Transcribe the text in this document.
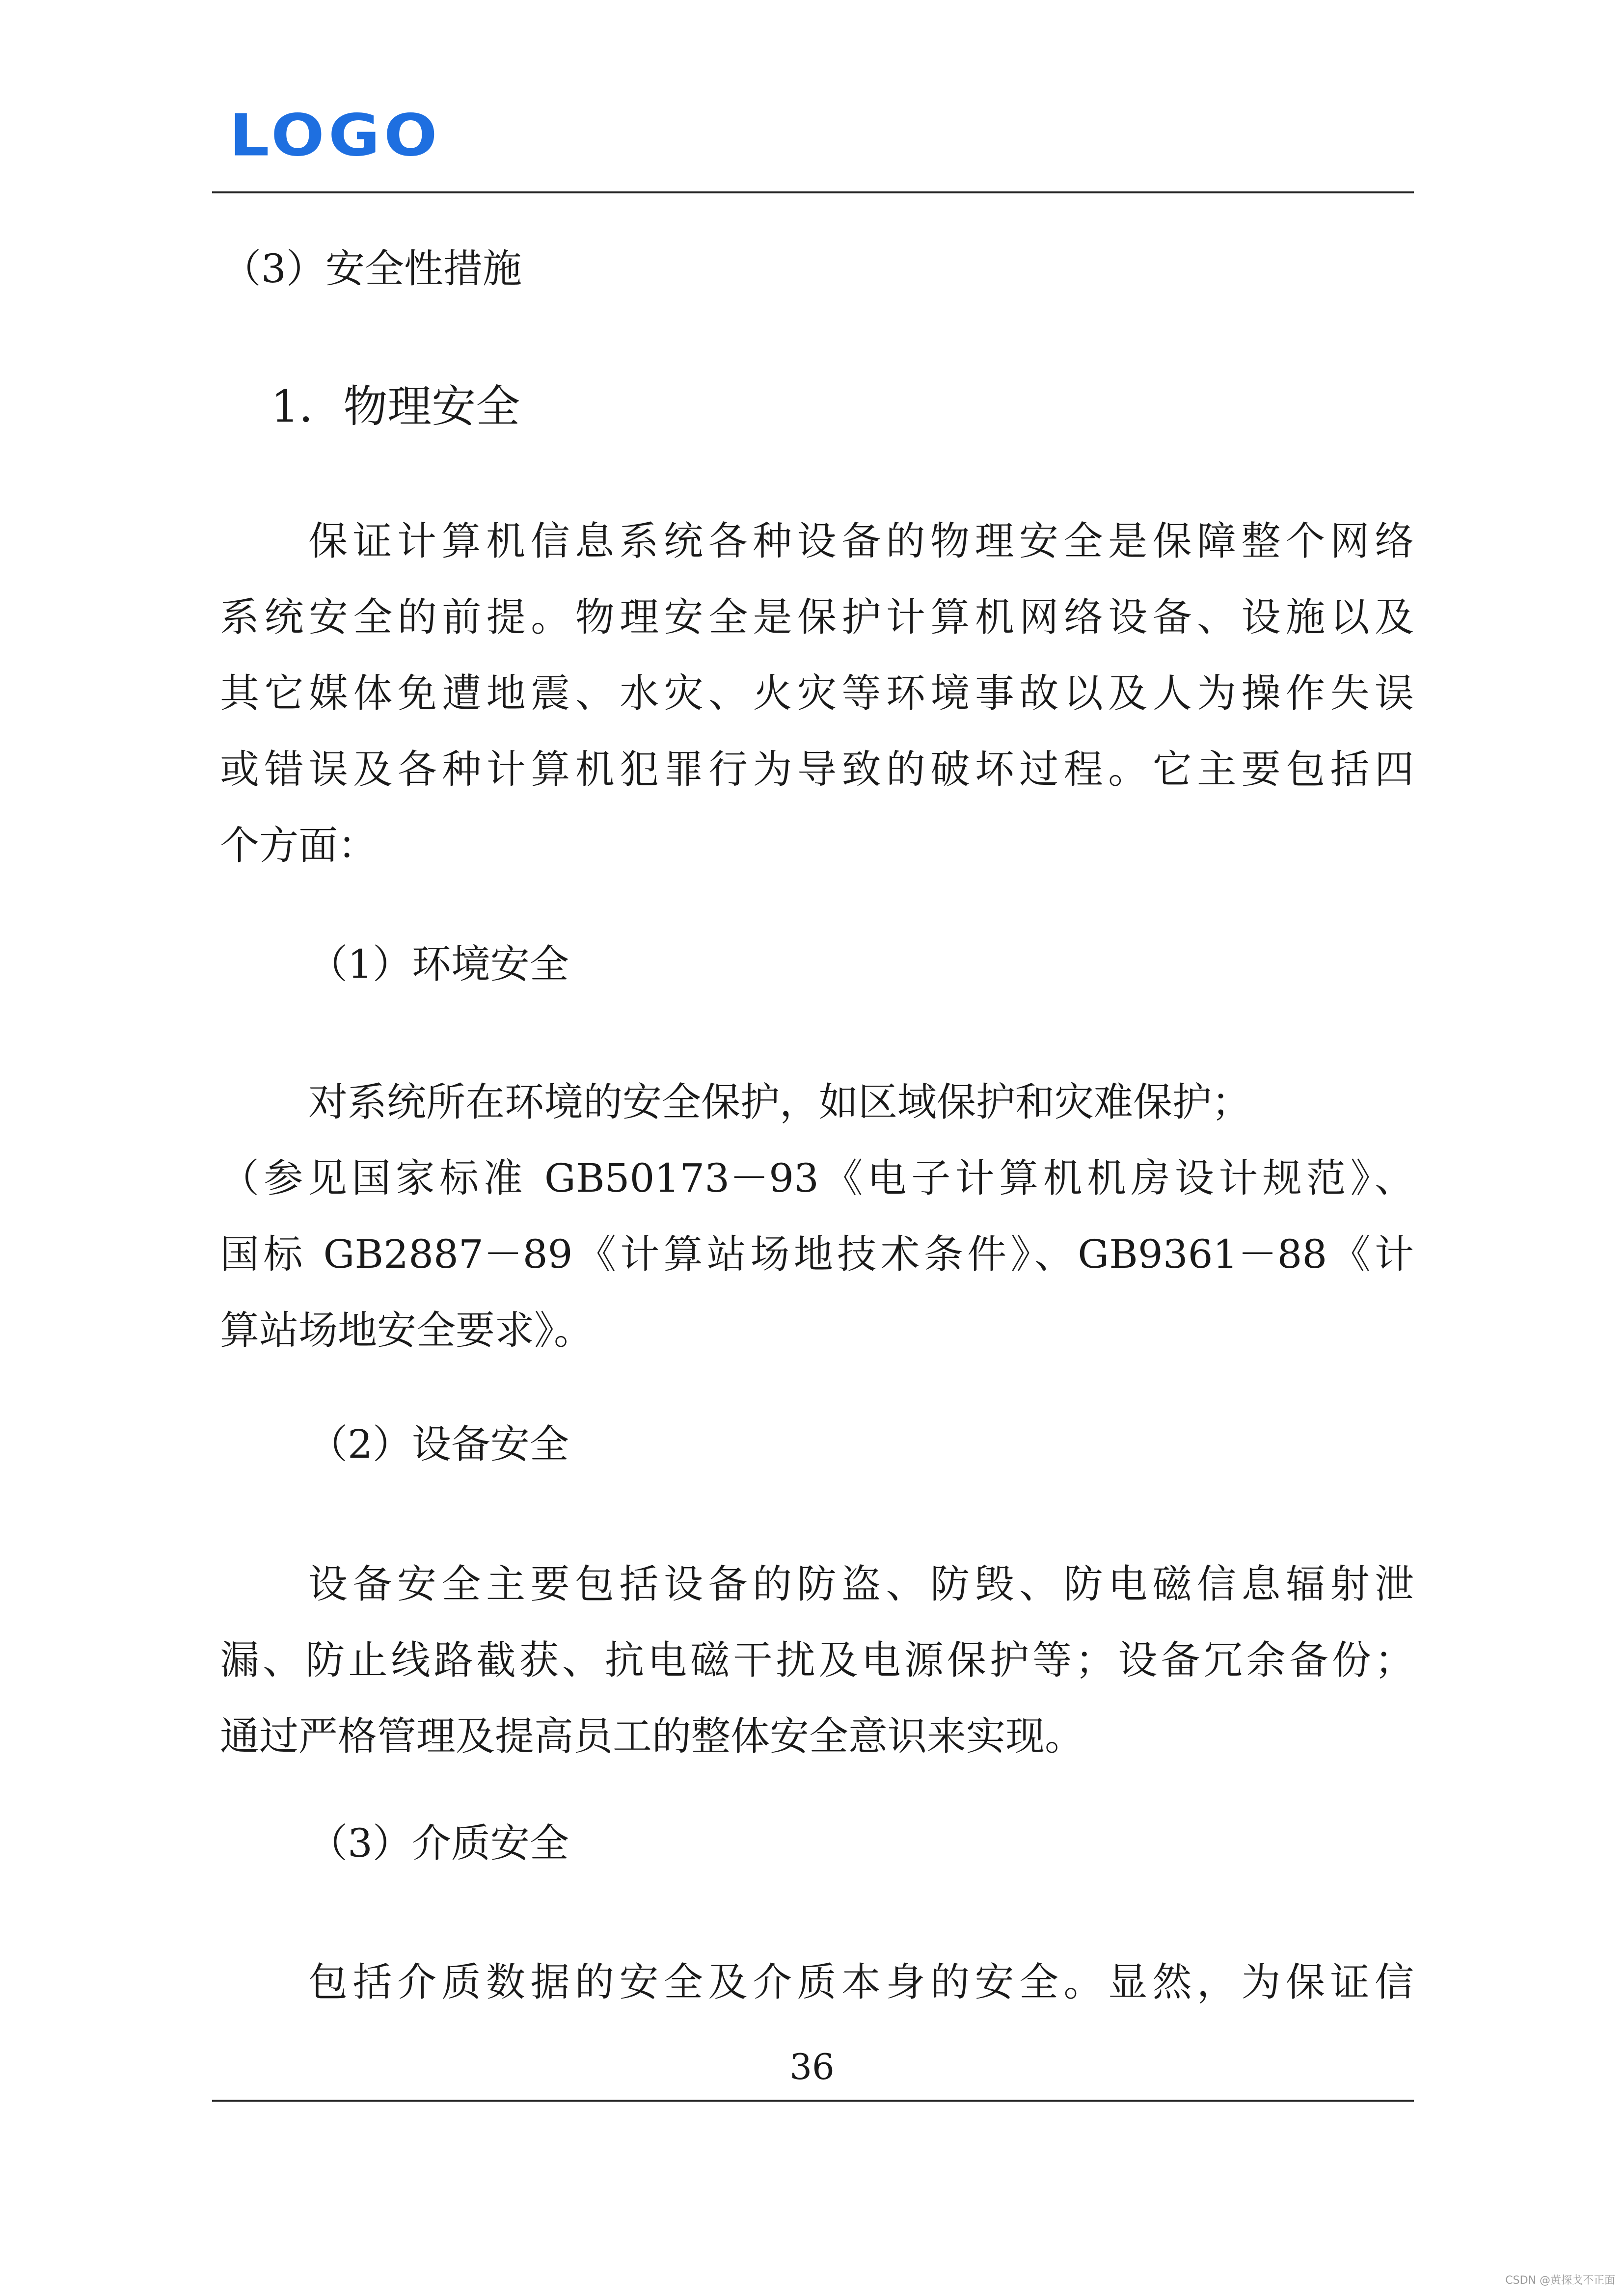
LOGO
（3）安全性措施
1．物理安全
保证计算机信息系统各种设备的物理安全是保障整个网络
系统安全的前提。物理安全是保护计算机网络设备、设施以及
其它媒体免遭地震、水灾、火灾等环境事故以及人为操作失误
或错误及各种计算机犯罪行为导致的破坏过程。它主要包括四
个方面：
（1）环境安全
对系统所在环境的安全保护，如区域保护和灾难保护；
（参见国家标准 GB50173－93《电子计算机机房设计规范》、
国标 GB2887－89《计算站场地技术条件》、GB9361－88《计
算站场地安全要求》。
（2）设备安全
设备安全主要包括设备的防盗、防毁、防电磁信息辐射泄
漏、防止线路截获、抗电磁干扰及电源保护等；设备冗余备份；
通过严格管理及提高员工的整体安全意识来实现。
（3）介质安全
包括介质数据的安全及介质本身的安全。显然，为保证信
36
CSDN @黄探戈不正面
